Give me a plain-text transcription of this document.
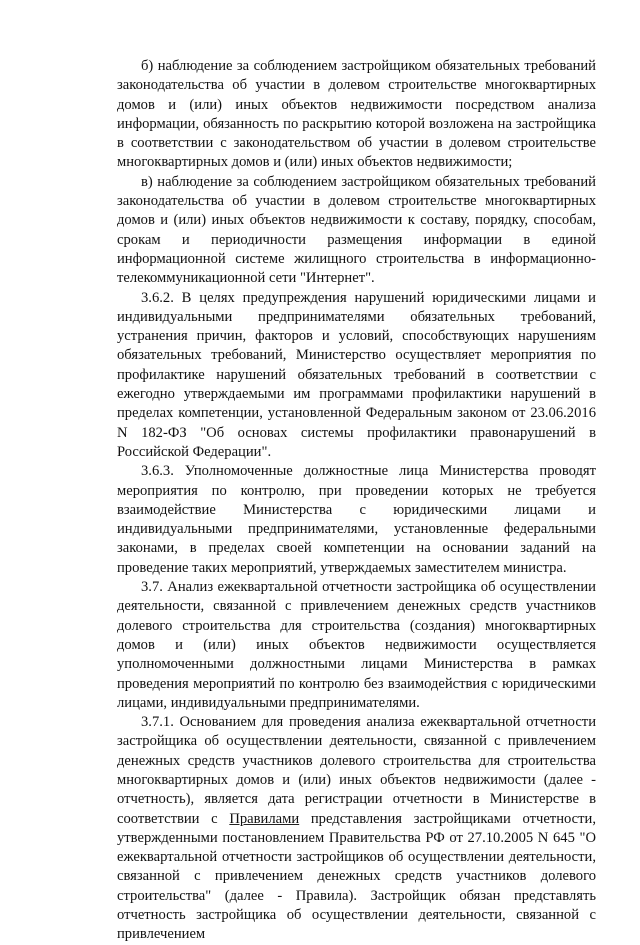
б) наблюдение за соблюдением застройщиком обязательных требований законодательства об участии в долевом строительстве многоквартирных домов и (или) иных объектов недвижимости посредством анализа информации, обязанность по раскрытию которой возложена на застройщика в соответствии с законодательством об участии в долевом строительстве многоквартирных домов и (или) иных объектов недвижимости;

в) наблюдение за соблюдением застройщиком обязательных требований законодательства об участии в долевом строительстве многоквартирных домов и (или) иных объектов недвижимости к составу, порядку, способам, срокам и периодичности размещения информации в единой информационной системе жилищного строительства в информационно-телекоммуникационной сети "Интернет".

3.6.2. В целях предупреждения нарушений юридическими лицами и индивидуальными предпринимателями обязательных требований, устранения причин, факторов и условий, способствующих нарушениям обязательных требований, Министерство осуществляет мероприятия по профилактике нарушений обязательных требований в соответствии с ежегодно утверждаемыми им программами профилактики нарушений в пределах компетенции, установленной Федеральным законом от 23.06.2016 N 182-ФЗ "Об основах системы профилактики правонарушений в Российской Федерации".

3.6.3. Уполномоченные должностные лица Министерства проводят мероприятия по контролю, при проведении которых не требуется взаимодействие Министерства с юридическими лицами и индивидуальными предпринимателями, установленные федеральными законами, в пределах своей компетенции на основании заданий на проведение таких мероприятий, утверждаемых заместителем министра.

3.7. Анализ ежеквартальной отчетности застройщика об осуществлении деятельности, связанной с привлечением денежных средств участников долевого строительства для строительства (создания) многоквартирных домов и (или) иных объектов недвижимости осуществляется уполномоченными должностными лицами Министерства в рамках проведения мероприятий по контролю без взаимодействия с юридическими лицами, индивидуальными предпринимателями.

3.7.1. Основанием для проведения анализа ежеквартальной отчетности застройщика об осуществлении деятельности, связанной с привлечением денежных средств участников долевого строительства для строительства многоквартирных домов и (или) иных объектов недвижимости (далее - отчетность), является дата регистрации отчетности в Министерстве в соответствии с Правилами представления застройщиками отчетности, утвержденными постановлением Правительства РФ от 27.10.2005 N 645 "О ежеквартальной отчетности застройщиков об осуществлении деятельности, связанной с привлечением денежных средств участников долевого строительства" (далее - Правила). Застройщик обязан представлять отчетность застройщика об осуществлении деятельности, связанной с привлечением
